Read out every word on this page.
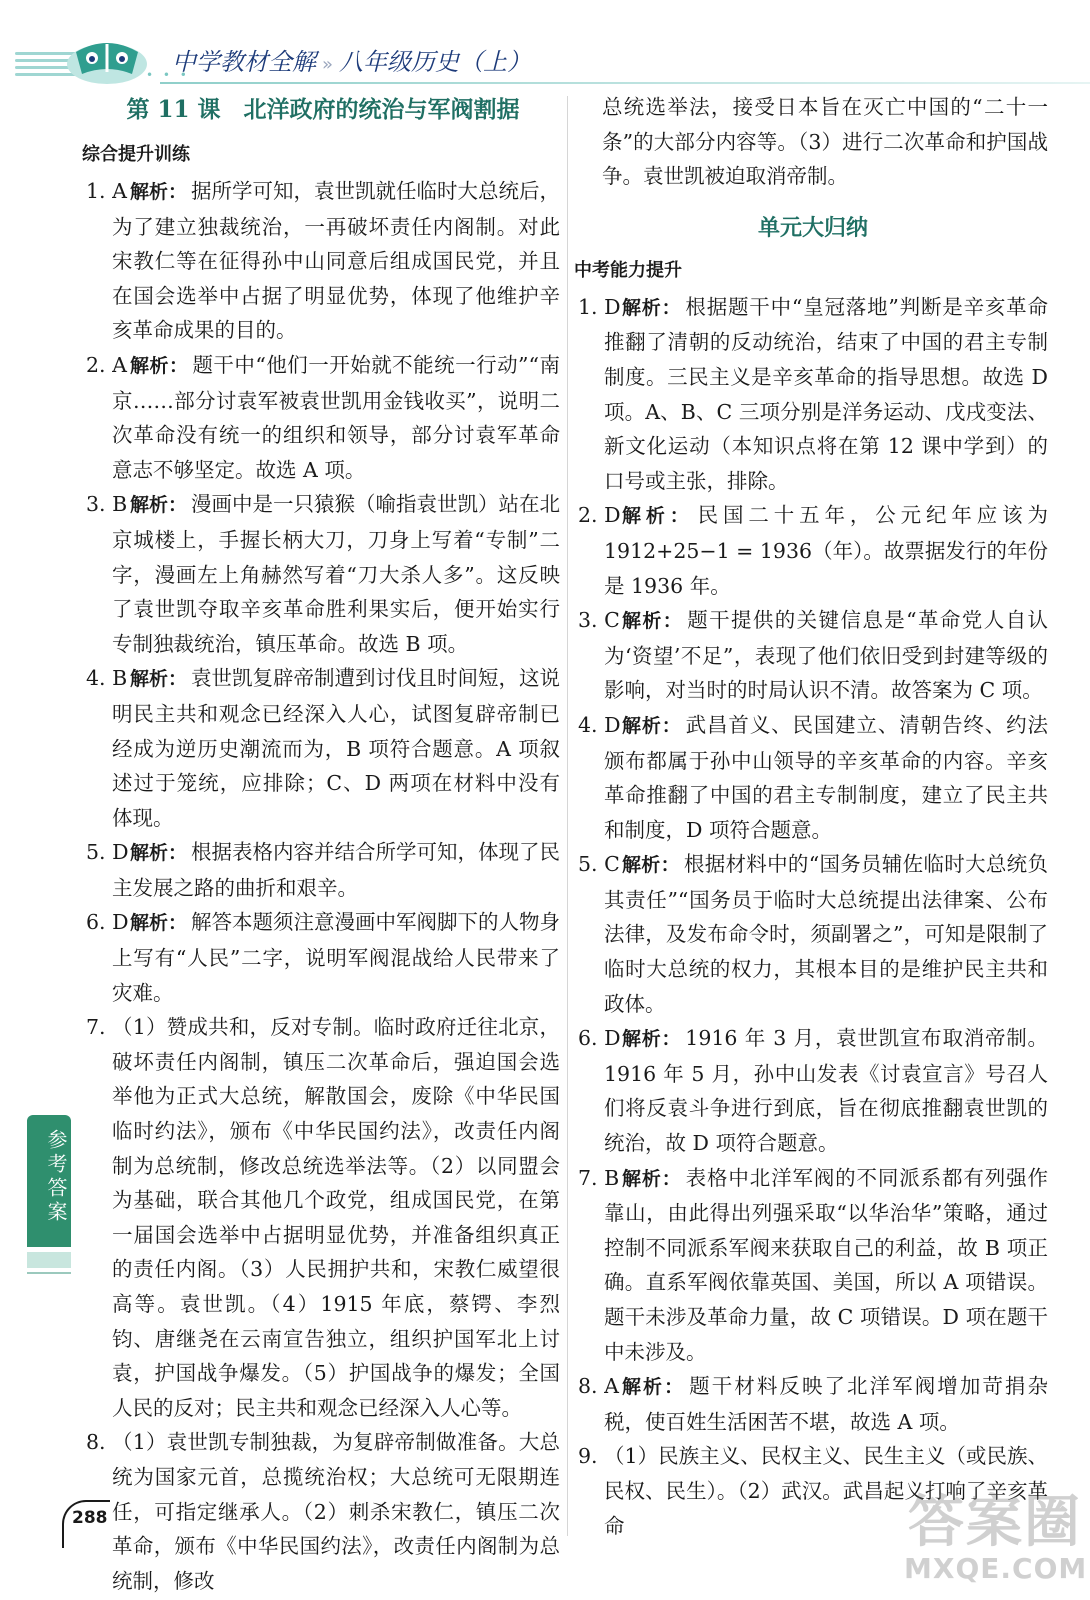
• • •
中学教材全解 » 八年级历史（上）
第 11 课　北洋政府的统治与军阀割据
综合提升训练
1. A 解析： 据所学可知，袁世凯就任临时大总统后，为了建立独裁统治，一再破坏责任内阁制。对此宋教仁等在征得孙中山同意后组成国民党，并且在国会选举中占据了明显优势，体现了他维护辛亥革命成果的目的。
2. A 解析： 题干中“他们一开始就不能统一行动”“南京……部分讨袁军被袁世凯用金钱收买”，说明二次革命没有统一的组织和领导，部分讨袁军革命意志不够坚定。故选 A 项。
3. B 解析： 漫画中是一只猿猴（喻指袁世凯）站在北京城楼上，手握长柄大刀，刀身上写着“专制”二字，漫画左上角赫然写着“刀大杀人多”。这反映了袁世凯夺取辛亥革命胜利果实后，便开始实行专制独裁统治，镇压革命。故选 B 项。
4. B 解析： 袁世凯复辟帝制遭到讨伐且时间短，这说明民主共和观念已经深入人心，试图复辟帝制已经成为逆历史潮流而为，B 项符合题意。A 项叙述过于笼统，应排除；C、D 两项在材料中没有体现。
5. D 解析： 根据表格内容并结合所学可知，体现了民主发展之路的曲折和艰辛。
6. D 解析： 解答本题须注意漫画中军阀脚下的人物身上写有“人民”二字，说明军阀混战给人民带来了灾难。
7. （1）赞成共和，反对专制。临时政府迁往北京，破坏责任内阁制，镇压二次革命后，强迫国会选举他为正式大总统，解散国会，废除《中华民国临时约法》，颁布《中华民国约法》，改责任内阁制为总统制，修改总统选举法等。（2）以同盟会为基础，联合其他几个政党，组成国民党，在第一届国会选举中占据明显优势，并准备组织真正的责任内阁。（3）人民拥护共和，宋教仁威望很高等。袁世凯。（4）1915 年底，蔡锷、李烈钧、唐继尧在云南宣告独立，组织护国军北上讨袁，护国战争爆发。（5）护国战争的爆发；全国人民的反对；民主共和观念已经深入人心等。
8. （1）袁世凯专制独裁，为复辟帝制做准备。大总统为国家元首，总揽统治权；大总统可无限期连任，可指定继承人。（2）刺杀宋教仁，镇压二次革命，颁布《中华民国约法》，改责任内阁制为总统制，修改
总统选举法，接受日本旨在灭亡中国的“二十一条”的大部分内容等。（3）进行二次革命和护国战争。袁世凯被迫取消帝制。
单元大归纳
中考能力提升
1. D 解析： 根据题干中“皇冠落地”判断是辛亥革命推翻了清朝的反动统治，结束了中国的君主专制制度。三民主义是辛亥革命的指导思想。故选 D 项。A、B、C 三项分别是洋务运动、戊戌变法、新文化运动（本知识点将在第 12 课中学到）的口号或主张，排除。
2. D 解析： 民国二十五年，公元纪年应该为 1912+25−1 = 1936（年）。故票据发行的年份是 1936 年。
3. C 解析： 题干提供的关键信息是“革命党人自认为‘资望’不足”，表现了他们依旧受到封建等级的影响，对当时的时局认识不清。故答案为 C 项。
4. D 解析： 武昌首义、民国建立、清朝告终、约法颁布都属于孙中山领导的辛亥革命的内容。辛亥革命推翻了中国的君主专制制度，建立了民主共和制度，D 项符合题意。
5. C 解析： 根据材料中的“国务员辅佐临时大总统负其责任”“国务员于临时大总统提出法律案、公布法律，及发布命令时，须副署之”，可知是限制了临时大总统的权力，其根本目的是维护民主共和政体。
6. D 解析： 1916 年 3 月，袁世凯宣布取消帝制。1916 年 5 月，孙中山发表《讨袁宣言》号召人们将反袁斗争进行到底，旨在彻底推翻袁世凯的统治，故 D 项符合题意。
7. B 解析： 表格中北洋军阀的不同派系都有列强作靠山，由此得出列强采取“以华治华”策略，通过控制不同派系军阀来获取自己的利益，故 B 项正确。直系军阀依靠英国、美国，所以 A 项错误。题干未涉及革命力量，故 C 项错误。D 项在题干中未涉及。
8. A 解析： 题干材料反映了北洋军阀增加苛捐杂税，使百姓生活困苦不堪，故选 A 项。
9. （1）民族主义、民权主义、民生主义（或民族、民权、民生）。（2）武汉。武昌起义打响了辛亥革命
参考答案
288	答案圈
MXQE.COM
